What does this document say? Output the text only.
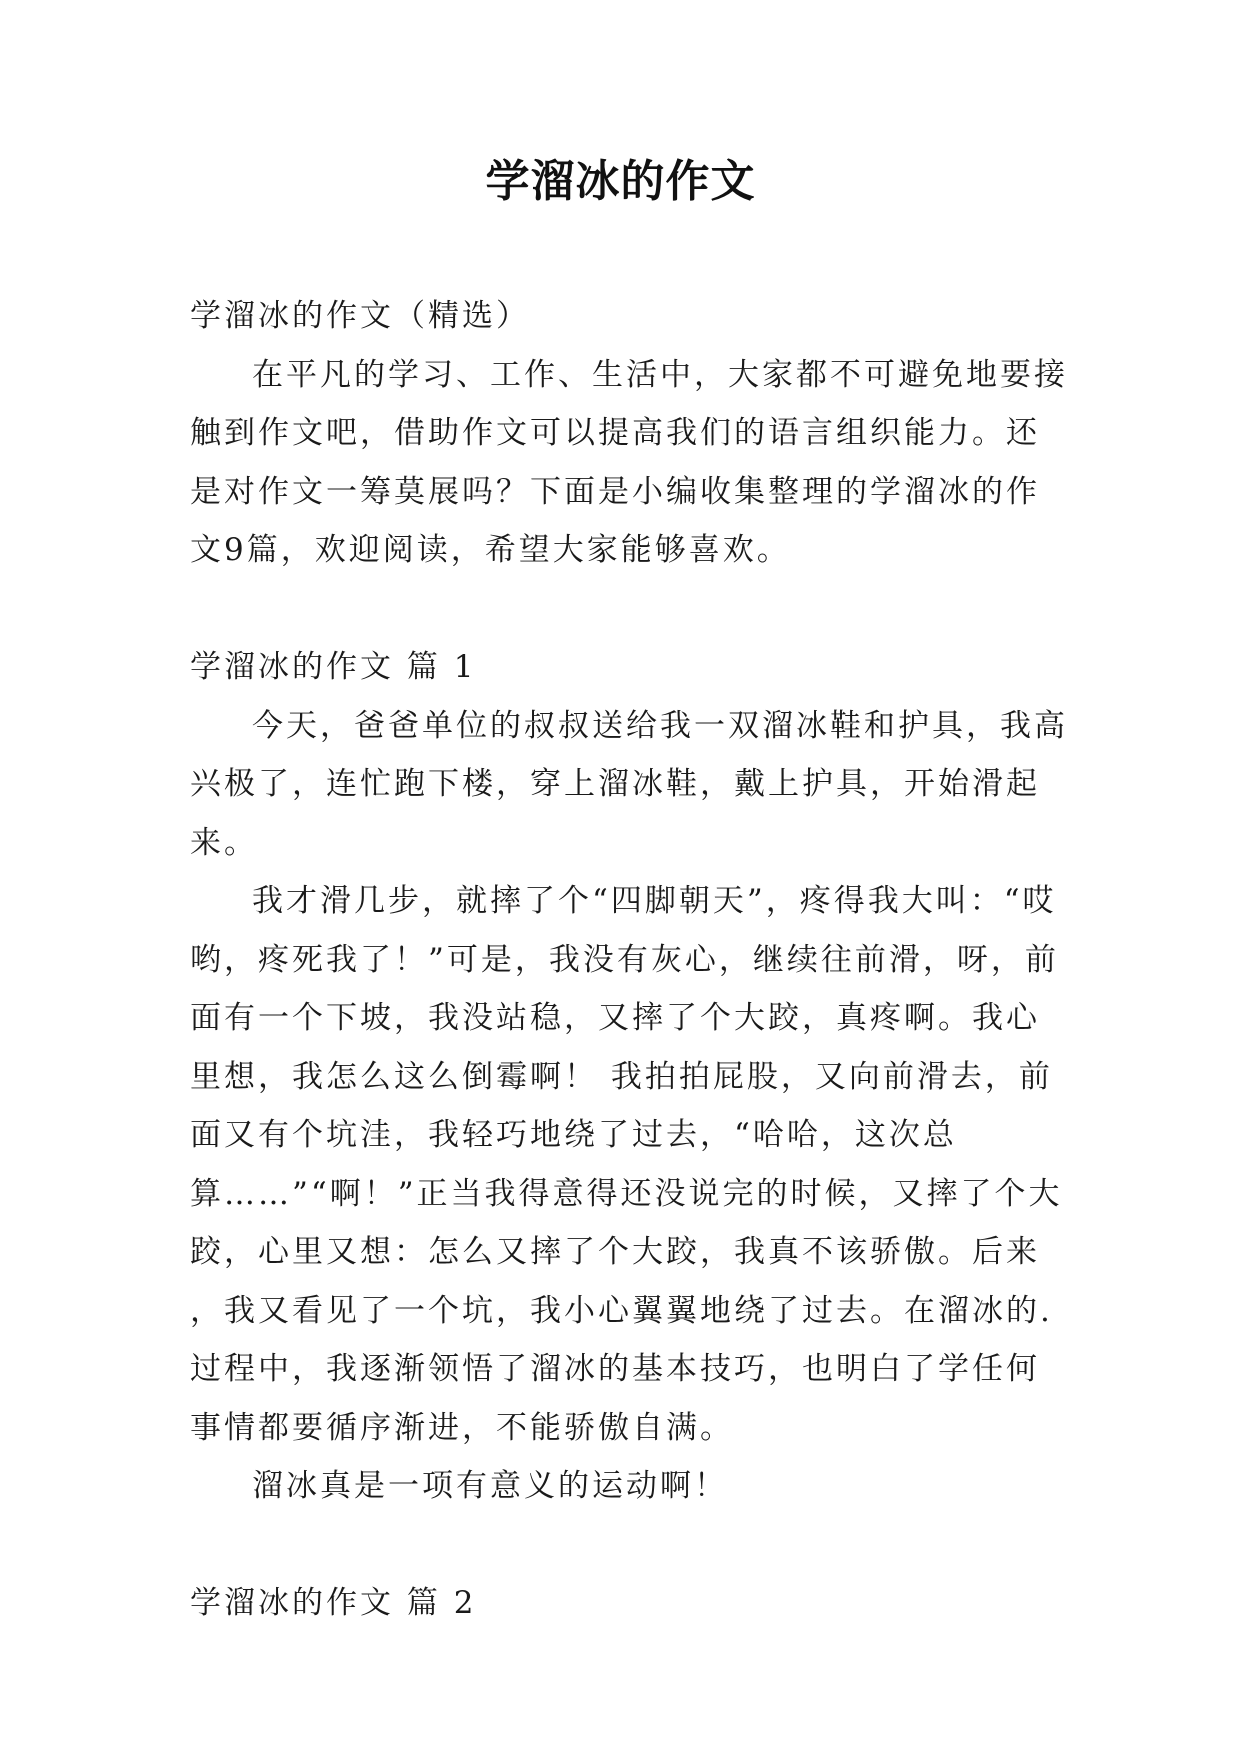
学溜冰的作文

学溜冰的作文（精选）

在平凡的学习、工作、生活中，大家都不可避免地要接触到作文吧，借助作文可以提高我们的语言组织能力。还是对作文一筹莫展吗？下面是小编收集整理的学溜冰的作文9篇，欢迎阅读，希望大家能够喜欢。

学溜冰的作文 篇 1

今天，爸爸单位的叔叔送给我一双溜冰鞋和护具，我高兴极了，连忙跑下楼，穿上溜冰鞋，戴上护具，开始滑起来。

我才滑几步，就摔了个“四脚朝天”，疼得我大叫：“哎哟，疼死我了！”可是，我没有灰心，继续往前滑，呀，前面有一个下坡，我没站稳，又摔了个大跤，真疼啊。我心里想，我怎么这么倒霉啊！ 我拍拍屁股，又向前滑去，前面又有个坑洼，我轻巧地绕了过去，“哈哈，这次总算……”“啊！”正当我得意得还没说完的时候，又摔了个大跤，心里又想：怎么又摔了个大跤，我真不该骄傲。后来 ，我又看见了一个坑，我小心翼翼地绕了过去。在溜冰的.过程中，我逐渐领悟了溜冰的基本技巧，也明白了学任何事情都要循序渐进，不能骄傲自满。

溜冰真是一项有意义的运动啊！

学溜冰的作文 篇 2
